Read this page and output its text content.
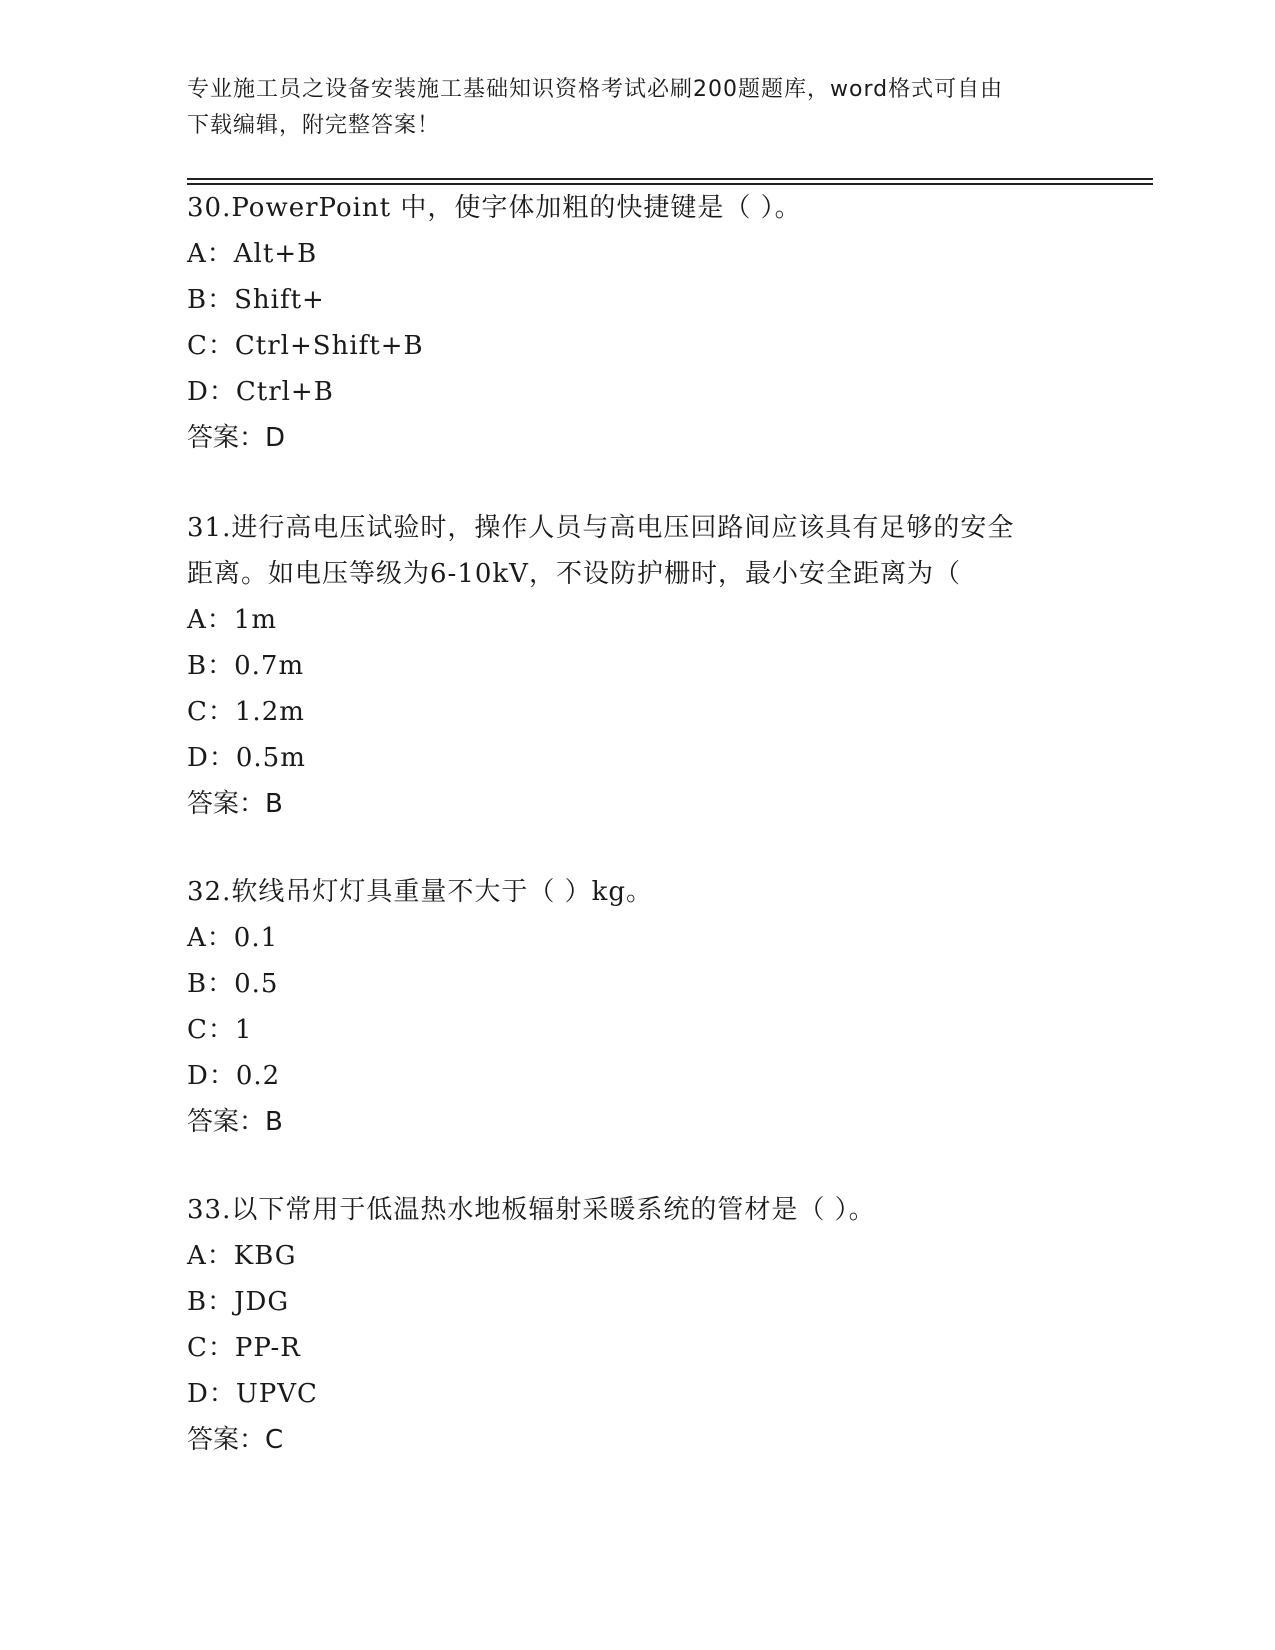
专业施工员之设备安装施工基础知识资格考试必刷200题题库，word格式可自由
下载编辑，附完整答案！

30.PowerPoint 中，使字体加粗的快捷键是（ ）。

A：Alt+B

B：Shift+

C：Ctrl+Shift+B

D：Ctrl+B

答案：D

31.进行高电压试验时，操作人员与高电压回路间应该具有足够的安全

距离。如电压等级为6-10kV，不设防护栅时，最小安全距离为（

A：1m

B：0.7m

C：1.2m

D：0.5m

答案：B

32.软线吊灯灯具重量不大于（ ）kg。

A：0.1

B：0.5

C：1

D：0.2

答案：B

33.以下常用于低温热水地板辐射采暖系统的管材是（ ）。

A：KBG

B：JDG

C：PP-R

D：UPVC

答案：C
